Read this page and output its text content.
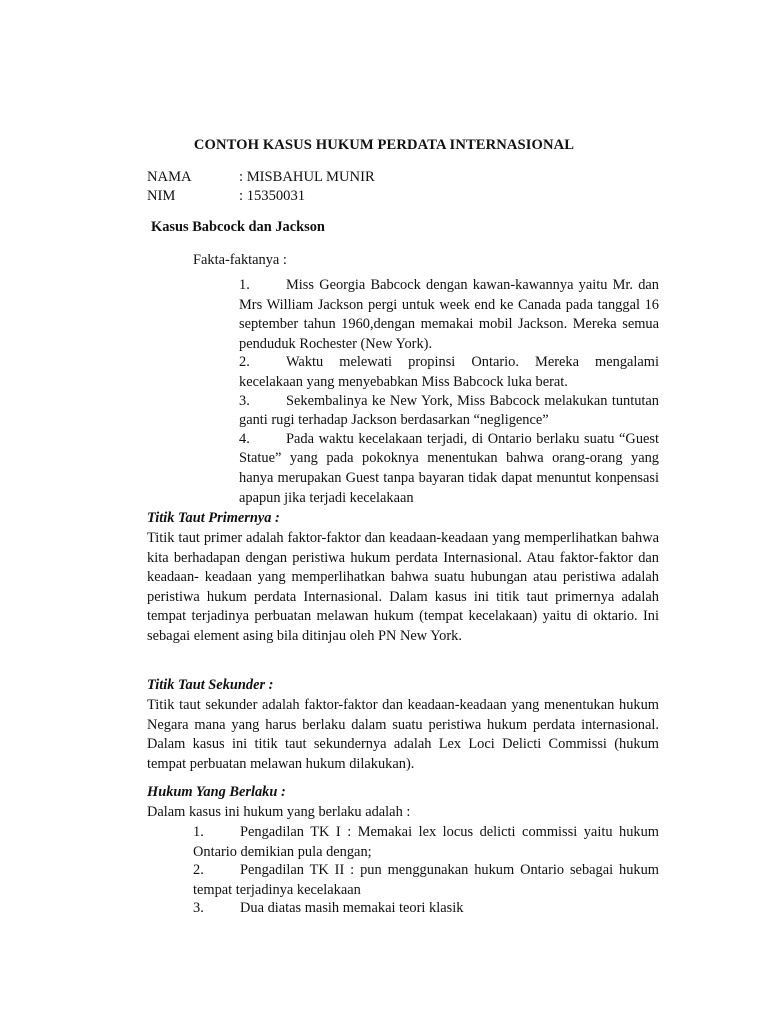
CONTOH KASUS HUKUM PERDATA INTERNASIONAL
NAMA	: MISBAHUL MUNIR
NIM	: 15350031
Kasus Babcock dan Jackson
Fakta-faktanya :

1.	Miss Georgia Babcock dengan kawan-kawannya yaitu Mr. dan Mrs William Jackson pergi untuk week end ke Canada pada tanggal 16 september tahun 1960,dengan memakai mobil Jackson. Mereka semua penduduk Rochester (New York).

2.	Waktu melewati propinsi Ontario. Mereka mengalami kecelakaan yang menyebabkan Miss Babcock luka berat.

3.	Sekembalinya ke New York, Miss Babcock melakukan tuntutan ganti rugi terhadap Jackson berdasarkan “negligence”

4.	Pada waktu kecelakaan terjadi, di Ontario berlaku suatu “Guest Statue” yang pada pokoknya menentukan bahwa orang-orang yang hanya merupakan Guest tanpa bayaran tidak dapat menuntut konpensasi apapun jika terjadi kecelakaan

Titik Taut Primernya :
Titik taut primer adalah faktor-faktor dan keadaan-keadaan yang memperlihatkan bahwa kita berhadapan dengan peristiwa hukum perdata Internasional. Atau faktor-faktor dan keadaan- keadaan yang memperlihatkan bahwa suatu hubungan atau peristiwa adalah peristiwa hukum perdata Internasional. Dalam kasus ini titik taut primernya adalah tempat terjadinya perbuatan melawan hukum (tempat kecelakaan) yaitu di oktario. Ini sebagai element asing bila ditinjau oleh PN New York.
Titik Taut Sekunder :
Titik taut sekunder adalah faktor-faktor dan keadaan-keadaan yang menentukan hukum Negara mana yang harus berlaku dalam suatu peristiwa hukum perdata internasional. Dalam kasus ini titik taut sekundernya adalah Lex Loci Delicti Commissi (hukum tempat perbuatan melawan hukum dilakukan).
Hukum Yang Berlaku :
Dalam kasus ini hukum yang berlaku adalah :

1.	Pengadilan TK I : Memakai lex locus delicti commissi yaitu hukum Ontario demikian pula dengan;

2.	Pengadilan TK II : pun menggunakan hukum Ontario sebagai hukum tempat terjadinya kecelakaan

3.	Dua diatas masih memakai teori klasik
